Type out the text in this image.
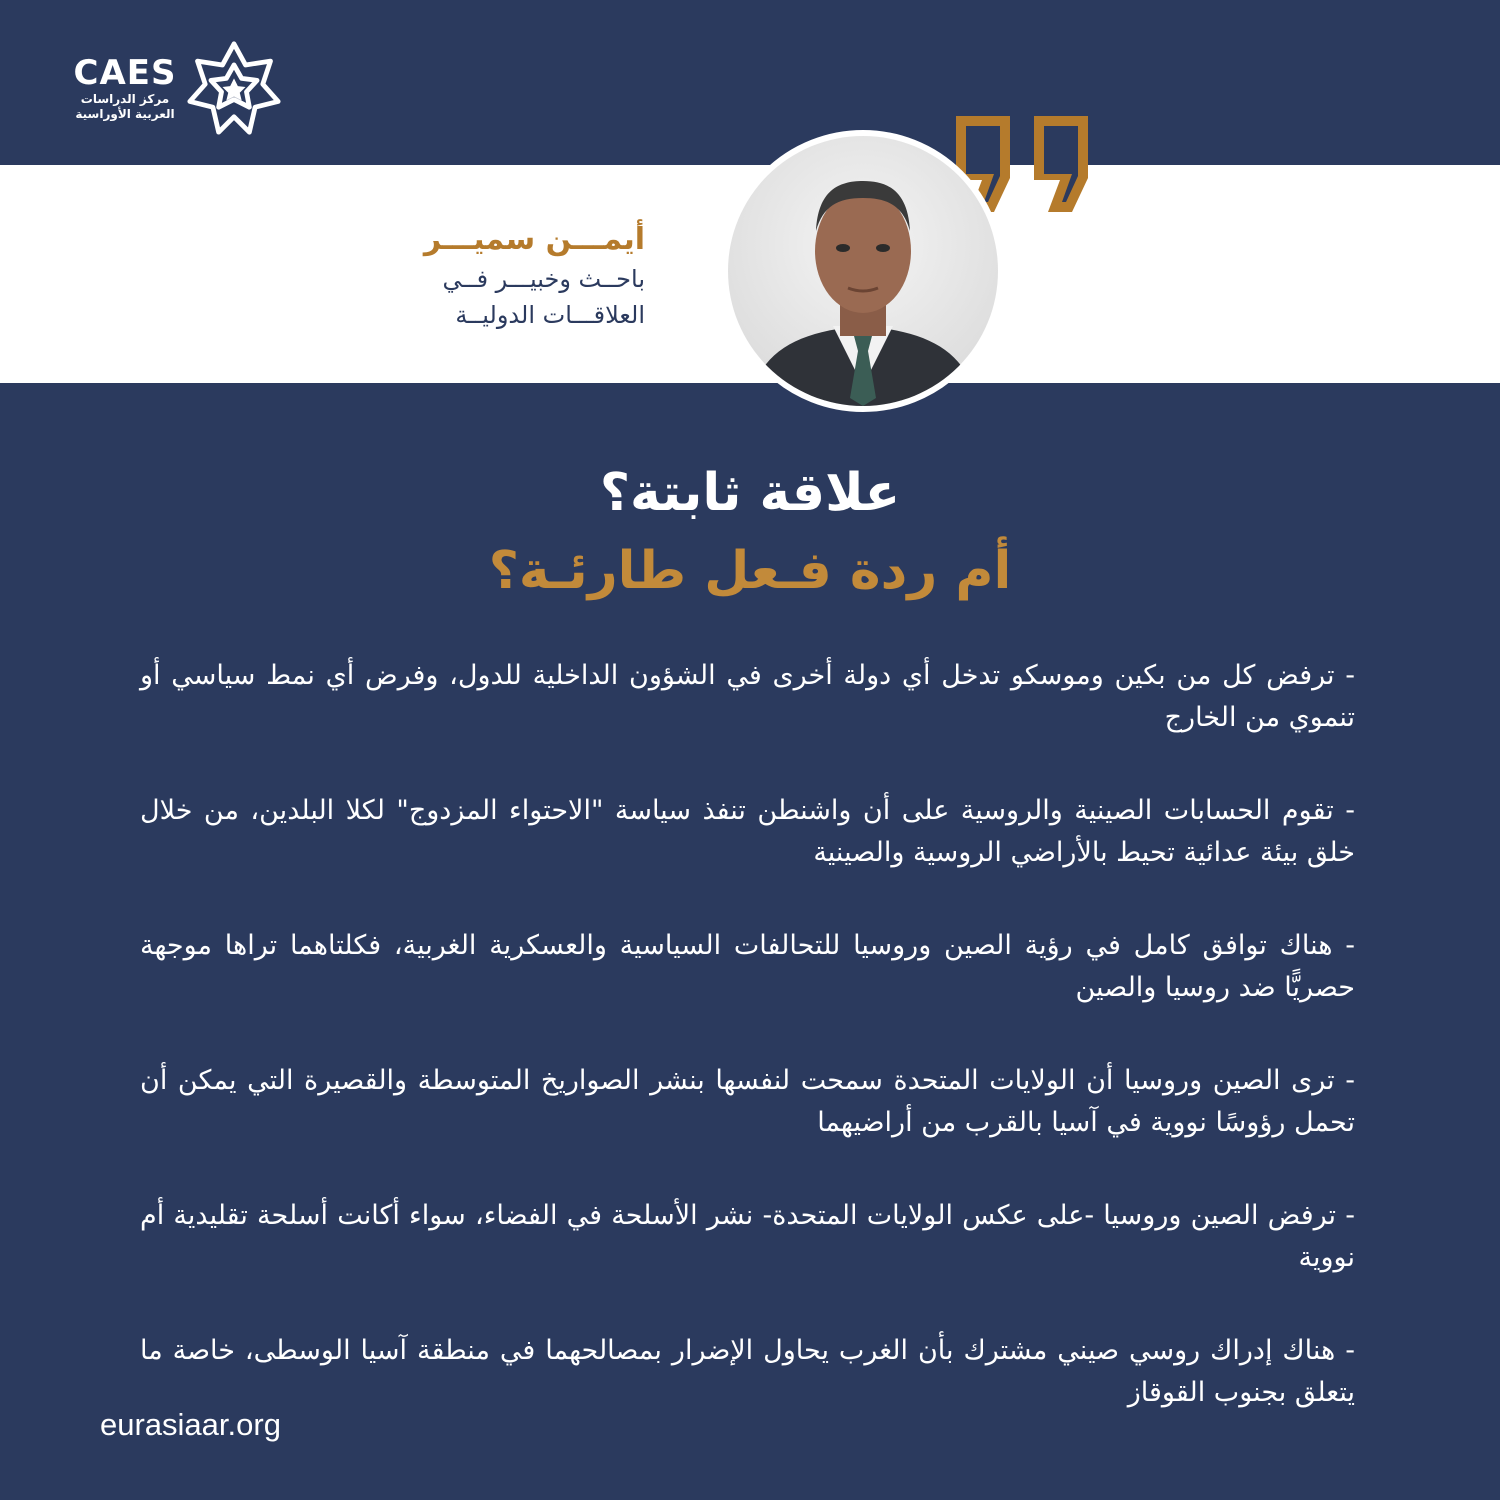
CAES
مركز الدراسات
العربية الأوراسية
أيمـــن سميـــر
باحــث وخبيـــر فــي
العلاقـــات الدوليــة
علاقة ثابتة؟
أم ردة فـعل طارئـة؟
- ترفض كل من بكين وموسكو تدخل أي دولة أخرى في الشؤون الداخلية للدول، وفرض أي نمط سياسي أو تنموي من الخارج
- تقوم الحسابات الصينية والروسية على أن واشنطن تنفذ سياسة "الاحتواء المزدوج" لكلا البلدين، من خلال خلق بيئة عدائية تحيط بالأراضي الروسية والصينية
- هناك توافق كامل في رؤية الصين وروسيا للتحالفات السياسية والعسكرية الغربية، فكلتاهما تراها موجهة حصريًّا ضد روسيا والصين
- ترى الصين وروسيا أن الولايات المتحدة سمحت لنفسها بنشر الصواريخ المتوسطة والقصيرة التي يمكن أن تحمل رؤوسًا نووية في آسيا بالقرب من أراضيهما
- ترفض الصين وروسيا -على عكس الولايات المتحدة- نشر الأسلحة في الفضاء، سواء أكانت أسلحة تقليدية أم نووية
- هناك إدراك روسي صيني مشترك بأن الغرب يحاول الإضرار بمصالحهما في منطقة آسيا الوسطى، خاصة ما يتعلق بجنوب القوقاز
eurasiaar.org
